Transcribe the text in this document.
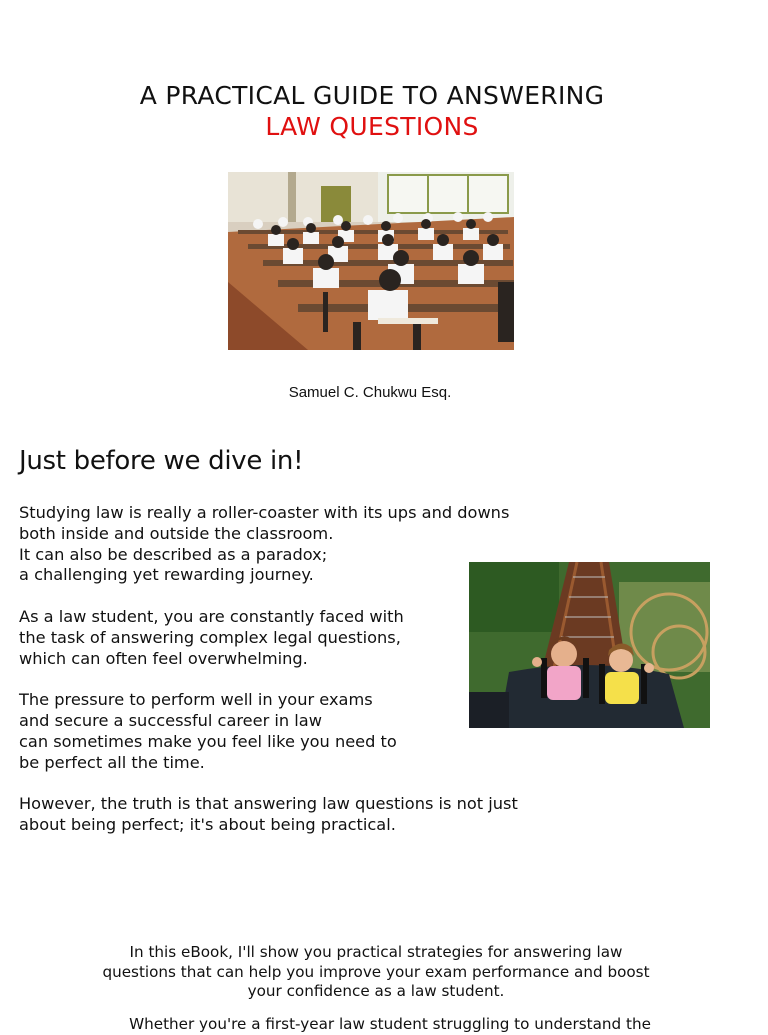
A PRACTICAL GUIDE TO ANSWERING
LAW QUESTIONS
Samuel C. Chukwu Esq.
Just before we dive in!

Studying law is really a roller-coaster with its ups and downs
both inside and outside the classroom.
It can also be described as a paradox;
a challenging yet rewarding journey.

As a law student, you are constantly faced with
the task of answering complex legal questions,
which can often feel overwhelming.

The pressure to perform well in your exams
and secure a successful career in law
can sometimes make you feel like you need to
be perfect all the time.

However, the truth is that answering law questions is not just
about being perfect; it's about being practical.

In this eBook, I'll show you practical strategies for answering law
questions that can help you improve your exam performance and boost
your confidence as a law student.
Whether you're a first-year law student struggling to understand the
